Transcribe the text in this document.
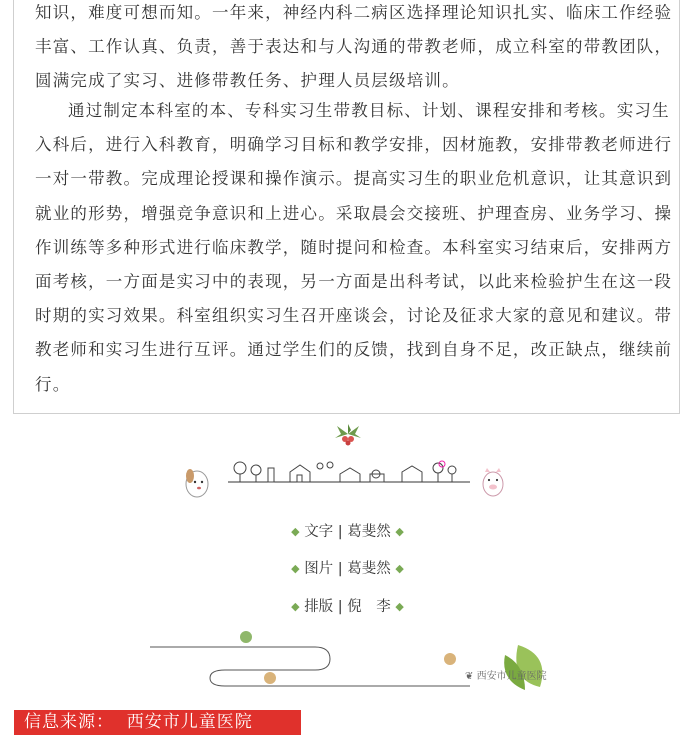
知识，难度可想而知。一年来，神经内科二病区选择理论知识扎实、临床工作经验丰富、工作认真、负责，善于表达和与人沟通的带教老师，成立科室的带教团队，圆满完成了实习、进修带教任务、护理人员层级培训。

通过制定本科室的本、专科实习生带教目标、计划、课程安排和考核。实习生入科后，进行入科教育，明确学习目标和教学安排，因材施教，安排带教老师进行一对一带教。完成理论授课和操作演示。提高实习生的职业危机意识，让其意识到就业的形势，增强竞争意识和上进心。采取晨会交接班、护理查房、业务学习、操作训练等多种形式进行临床教学，随时提问和检查。本科室实习结束后，安排两方面考核，一方面是实习中的表现，另一方面是出科考试，以此来检验护生在这一段时期的实习效果。科室组织实习生召开座谈会，讨论及征求大家的意见和建议。带教老师和实习生进行互评。通过学生们的反馈，找到自身不足，改正缺点，继续前行。

◆ 文字 | 葛斐然 ◆
◆ 图片 | 葛斐然 ◆
◆ 排版 | 倪　李 ◆
❦ 西安市儿童医院
信息来源：  西安市儿童医院
